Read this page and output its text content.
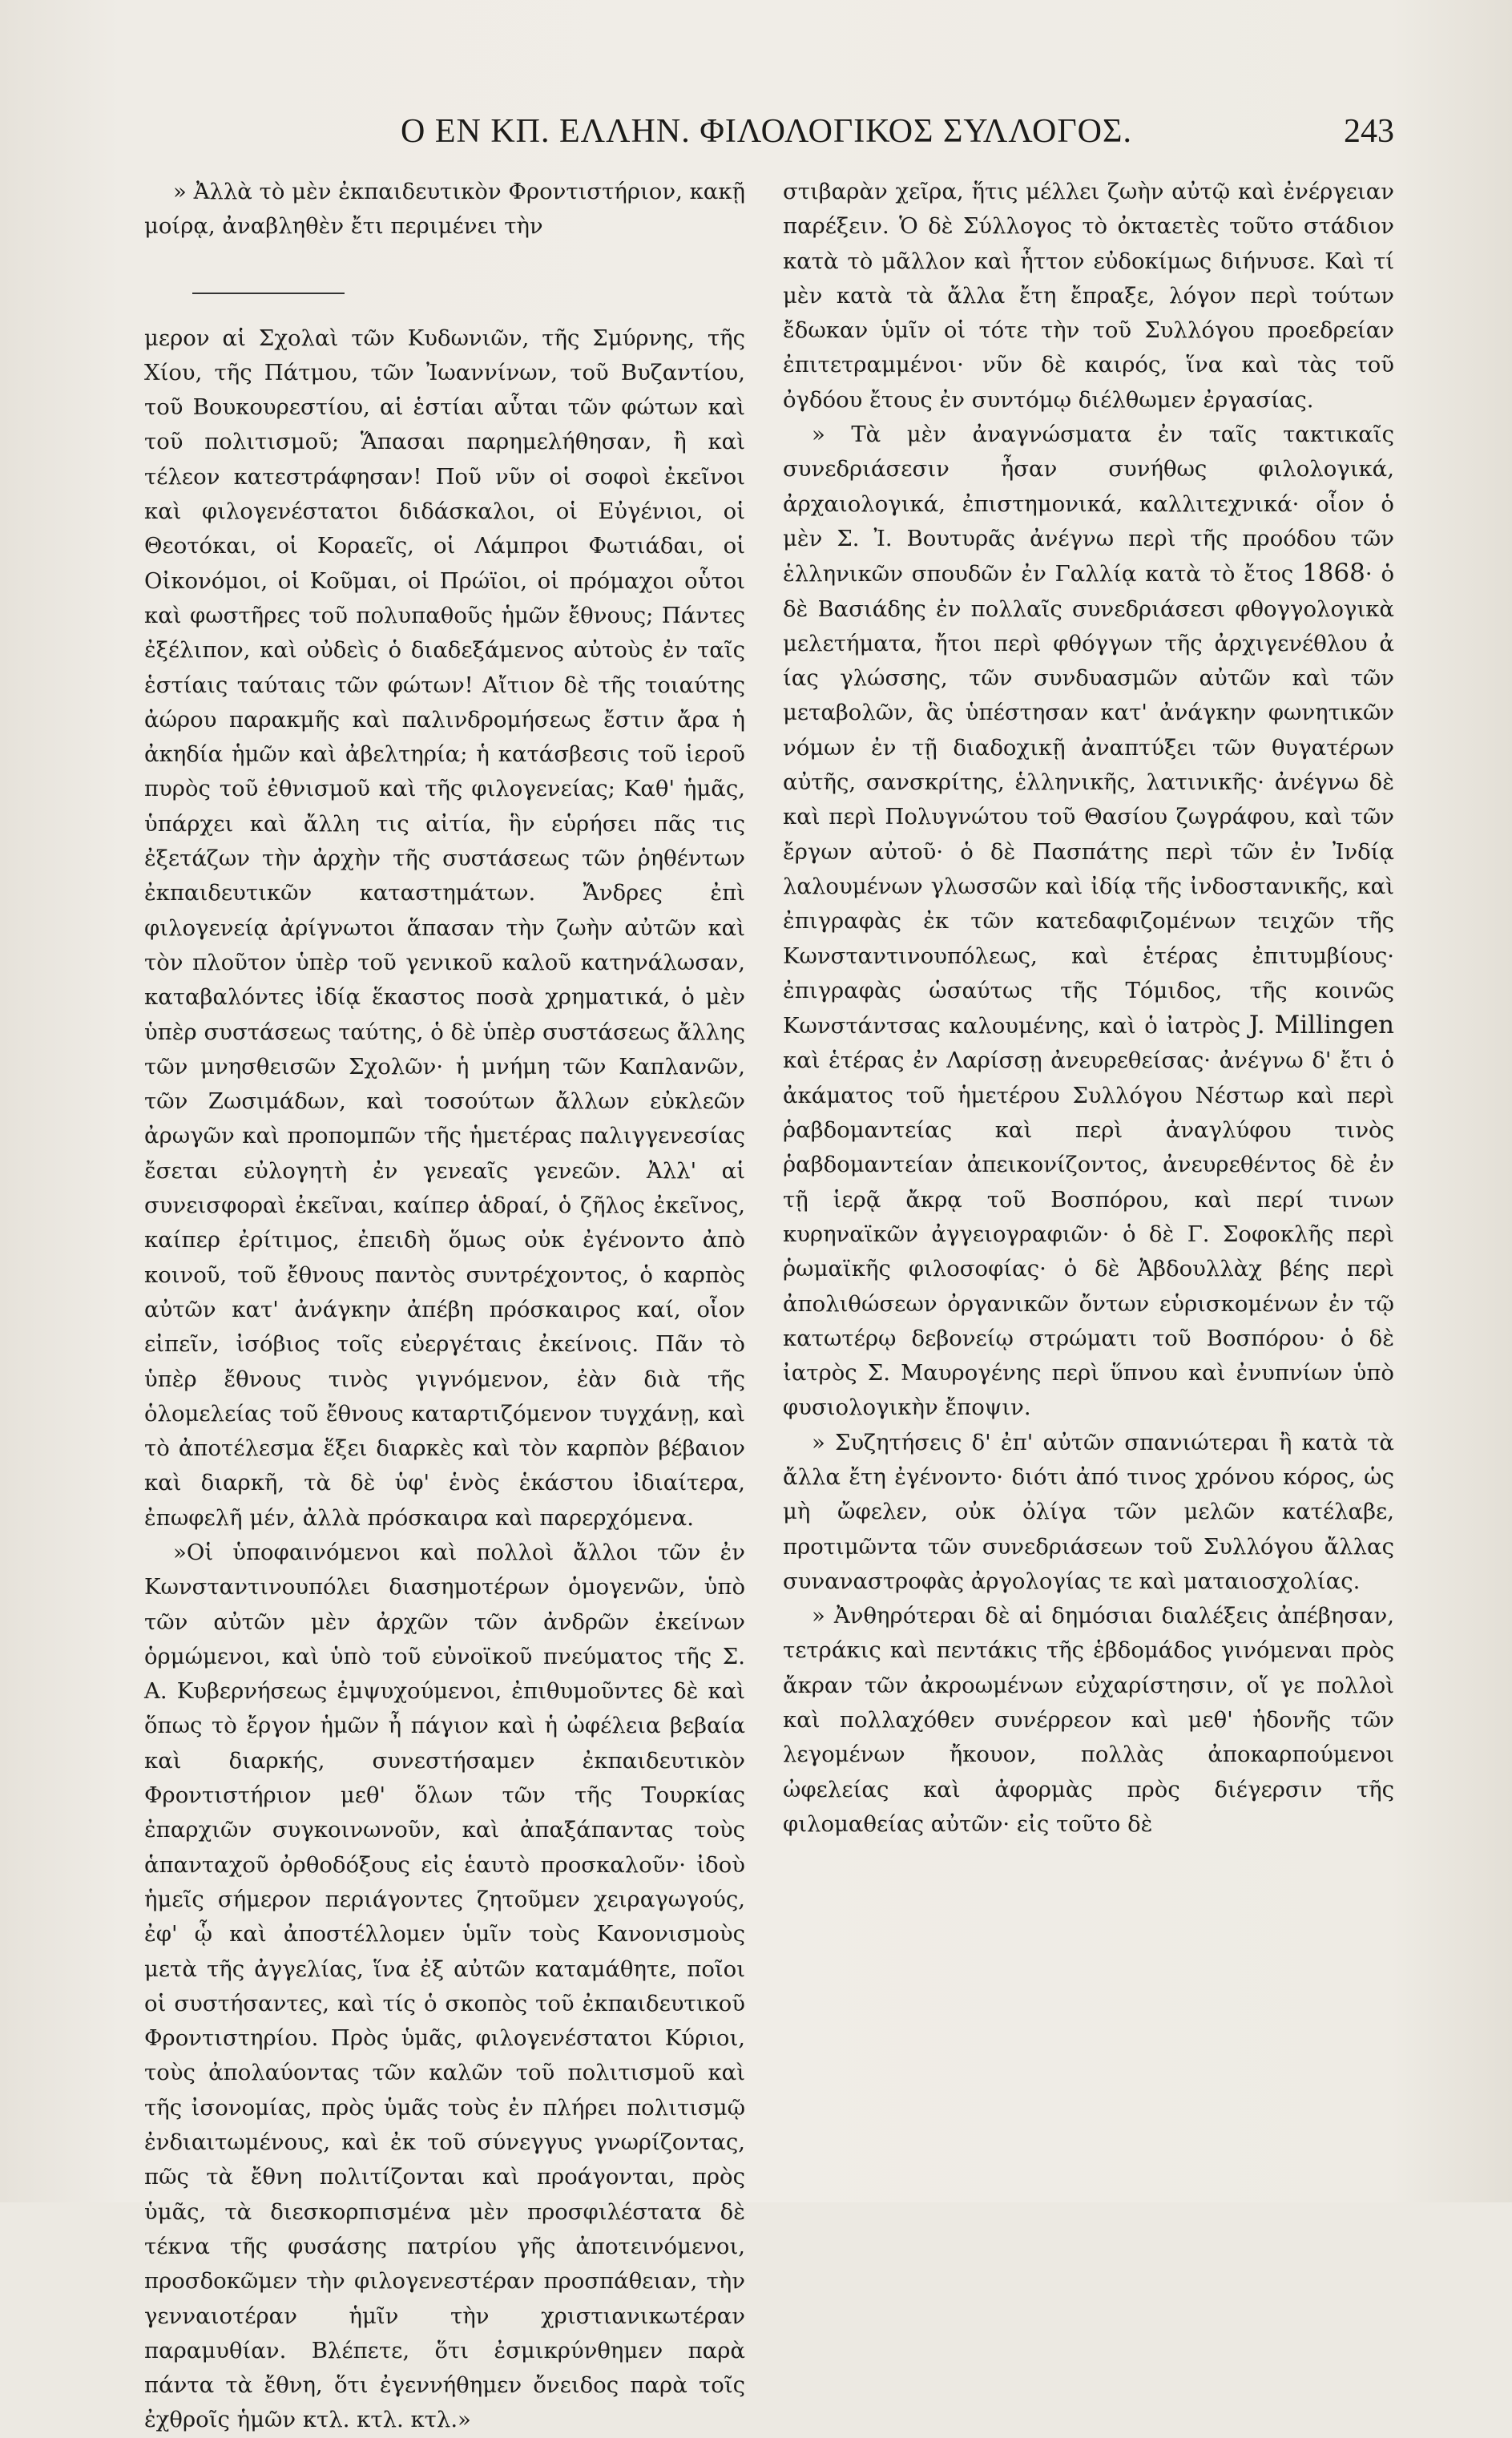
Ο ΕΝ ΚΠ. ΕΛΛΗΝ. ΦΙΛΟΛΟΓΙΚΟΣ ΣΥΛΛΟΓΟΣ.	243

» Ἀλλὰ τὸ μὲν ἐκπαιδευτικὸν Φροντιστήριον, κακῇ μοίρᾳ, ἀναβληθὲν ἔτι περιμένει τὴν

μερον αἱ Σχολαὶ τῶν Κυδωνιῶν, τῆς Σμύρνης, τῆς Χίου, τῆς Πάτμου, τῶν Ἰωαννίνων, τοῦ Βυζαντίου, τοῦ Βουκουρεστίου, αἱ ἑστίαι αὗται τῶν φώτων καὶ τοῦ πολιτισμοῦ; Ἅπασαι παρημελήθησαν, ἢ καὶ τέλεον κατεστράφησαν! Ποῦ νῦν οἱ σοφοὶ ἐκεῖνοι καὶ φιλογενέστατοι διδάσκαλοι, οἱ Εὐγένιοι, οἱ Θεοτόκαι, οἱ Κοραεῖς, οἱ Λάμπροι Φωτιάδαι, οἱ Οἰκονόμοι, οἱ Κοῦμαι, οἱ Πρώϊοι, οἱ πρόμαχοι οὗτοι καὶ φωστῆρες τοῦ πολυπαθοῦς ἡμῶν ἔθνους; Πάντες ἐξέλιπον, καὶ οὐδεὶς ὁ διαδεξάμενος αὐτοὺς ἐν ταῖς ἑστίαις ταύταις τῶν φώτων! Αἴτιον δὲ τῆς τοιαύτης ἀώρου παρακμῆς καὶ παλινδρομήσεως ἔστιν ἄρα ἡ ἀκηδία ἡμῶν καὶ ἀβελτηρία; ἡ κατάσβεσις τοῦ ἱεροῦ πυρὸς τοῦ ἐθνισμοῦ καὶ τῆς φιλογενείας; Καθ' ἡμᾶς, ὑπάρχει καὶ ἄλλη τις αἰτία, ἣν εὑρήσει πᾶς τις ἐξετάζων τὴν ἀρχὴν τῆς συστάσεως τῶν ῥηθέντων ἐκπαιδευτικῶν καταστημάτων. Ἄνδρες ἐπὶ φιλογενείᾳ ἀρίγνωτοι ἅπασαν τὴν ζωὴν αὐτῶν καὶ τὸν πλοῦτον ὑπὲρ τοῦ γενικοῦ καλοῦ κατηνάλωσαν, καταβαλόντες ἰδίᾳ ἕκαστος ποσὰ χρηματικά, ὁ μὲν ὑπὲρ συστάσεως ταύτης, ὁ δὲ ὑπὲρ συστάσεως ἄλλης τῶν μνησθεισῶν Σχολῶν· ἡ μνήμη τῶν Καπλανῶν, τῶν Ζωσιμάδων, καὶ τοσούτων ἄλλων εὐκλεῶν ἀρωγῶν καὶ προπομπῶν τῆς ἡμετέρας παλιγγενεσίας ἔσεται εὐλογητὴ ἐν γενεαῖς γενεῶν. Ἀλλ' αἱ συνεισφοραὶ ἐκεῖναι, καίπερ ἁδραί, ὁ ζῆλος ἐκεῖνος, καίπερ ἐρίτιμος, ἐπειδὴ ὅμως οὐκ ἐγένοντο ἀπὸ κοινοῦ, τοῦ ἔθνους παντὸς συντρέχοντος, ὁ καρπὸς αὐτῶν κατ' ἀνάγκην ἀπέβη πρόσκαιρος καί, οἷον εἰπεῖν, ἰσόβιος τοῖς εὐεργέταις ἐκείνοις. Πᾶν τὸ ὑπὲρ ἔθνους τινὸς γιγνόμενον, ἐὰν διὰ τῆς ὁλομελείας τοῦ ἔθνους καταρτιζόμενον τυγχάνῃ, καὶ τὸ ἀποτέλεσμα ἕξει διαρκὲς καὶ τὸν καρπὸν βέβαιον καὶ διαρκῆ, τὰ δὲ ὑφ' ἑνὸς ἑκάστου ἰδιαίτερα, ἐπωφελῆ μέν, ἀλλὰ πρόσκαιρα καὶ παρερχόμενα.

»Οἱ ὑποφαινόμενοι καὶ πολλοὶ ἄλλοι τῶν ἐν Κωνσταντινουπόλει διασημοτέρων ὁμογενῶν, ὑπὸ τῶν αὐτῶν μὲν ἀρχῶν τῶν ἀνδρῶν ἐκείνων ὁρμώμενοι, καὶ ὑπὸ τοῦ εὐνοϊκοῦ πνεύματος τῆς Σ. Α. Κυβερνήσεως ἐμψυχούμενοι, ἐπιθυμοῦντες δὲ καὶ ὅπως τὸ ἔργον ἡμῶν ἦ πάγιον καὶ ἡ ὠφέλεια βεβαία καὶ διαρκής, συνεστήσαμεν ἐκπαιδευτικὸν Φροντιστήριον μεθ' ὅλων τῶν τῆς Τουρκίας ἐπαρχιῶν συγκοινωνοῦν, καὶ ἀπαξάπαντας τοὺς ἁπανταχοῦ ὀρθοδόξους εἰς ἑαυτὸ προσκαλοῦν· ἰδοὺ ἡμεῖς σήμερον περιάγοντες ζητοῦμεν χειραγωγούς, ἐφ' ᾧ καὶ ἀποστέλλομεν ὑμῖν τοὺς Κανονισμοὺς μετὰ τῆς ἀγγελίας, ἵνα ἐξ αὐτῶν καταμάθητε, ποῖοι οἱ συστήσαντες, καὶ τίς ὁ σκοπὸς τοῦ ἐκπαιδευτικοῦ Φροντιστηρίου. Πρὸς ὑμᾶς, φιλογενέστατοι Κύριοι, τοὺς ἀπολαύοντας τῶν καλῶν τοῦ πολιτισμοῦ καὶ τῆς ἰσονομίας, πρὸς ὑμᾶς τοὺς ἐν πλήρει πολιτισμῷ ἐνδιαιτωμένους, καὶ ἐκ τοῦ σύνεγγυς γνωρίζοντας, πῶς τὰ ἔθνη πολιτίζονται καὶ προάγονται, πρὸς ὑμᾶς, τὰ διεσκορπισμένα μὲν προσφιλέστατα δὲ τέκνα τῆς φυσάσης πατρίου γῆς ἀποτεινόμενοι, προσδοκῶμεν τὴν φιλογενεστέραν προσπάθειαν, τὴν γενναιοτέραν ἡμῖν τὴν χριστιανικωτέραν παραμυθίαν. Βλέπετε, ὅτι ἐσμικρύνθημεν παρὰ πάντα τὰ ἔθνη, ὅτι ἐγεννήθημεν ὄνειδος παρὰ τοῖς ἐχθροῖς ἡμῶν κτλ. κτλ. κτλ.»

στιβαρὰν χεῖρα, ἥτις μέλλει ζωὴν αὐτῷ καὶ ἐνέργειαν παρέξειν. Ὁ δὲ Σύλλογος τὸ ὀκταετὲς τοῦτο στάδιον κατὰ τὸ μᾶλλον καὶ ἧττον εὐδοκίμως διήνυσε. Καὶ τί μὲν κατὰ τὰ ἄλλα ἔτη ἔπραξε, λόγον περὶ τούτων ἔδωκαν ὑμῖν οἱ τότε τὴν τοῦ Συλλόγου προεδρείαν ἐπιτετραμμένοι· νῦν δὲ καιρός, ἵνα καὶ τὰς τοῦ ὀγδόου ἔτους ἐν συντόμῳ διέλθωμεν ἐργασίας.

» Τὰ μὲν ἀναγνώσματα ἐν ταῖς τακτικαῖς συνεδριάσεσιν ἦσαν συνήθως φιλολογικά, ἀρχαιολογικά, ἐπιστημονικά, καλλιτεχνικά· οἷον ὁ μὲν Σ. Ἰ. Βουτυρᾶς ἀνέγνω περὶ τῆς προόδου τῶν ἑλληνικῶν σπουδῶν ἐν Γαλλίᾳ κατὰ τὸ ἔτος 1868· ὁ δὲ Βασιάδης ἐν πολλαῖς συνεδριάσεσι φθογγολογικὰ μελετήματα, ἤτοι περὶ φθόγγων τῆς ἀρχιγενέθλου ἀ ίας γλώσσης, τῶν συνδυασμῶν αὐτῶν καὶ τῶν μεταβολῶν, ἃς ὑπέστησαν κατ' ἀνάγκην φωνητικῶν νόμων ἐν τῇ διαδοχικῇ ἀναπτύξει τῶν θυγατέρων αὐτῆς, σανσκρίτης, ἑλληνικῆς, λατινικῆς· ἀνέγνω δὲ καὶ περὶ Πολυγνώτου τοῦ Θασίου ζωγράφου, καὶ τῶν ἔργων αὐτοῦ· ὁ δὲ Πασπάτης περὶ τῶν ἐν Ἰνδίᾳ λαλουμένων γλωσσῶν καὶ ἰδίᾳ τῆς ἰνδοστανικῆς, καὶ ἐπιγραφὰς ἐκ τῶν κατεδαφιζομένων τειχῶν τῆς Κωνσταντινουπόλεως, καὶ ἑτέρας ἐπιτυμβίους· ἐπιγραφὰς ὡσαύτως τῆς Τόμιδος, τῆς κοινῶς Κωνστάντσας καλουμένης, καὶ ὁ ἰατρὸς J. Millingen καὶ ἑτέρας ἐν Λαρίσσῃ ἀνευρεθείσας· ἀνέγνω δ' ἔτι ὁ ἀκάματος τοῦ ἡμετέρου Συλλόγου Νέστωρ καὶ περὶ ῥαβδομαντείας καὶ περὶ ἀναγλύφου τινὸς ῥαβδομαντείαν ἀπεικονίζοντος, ἀνευρεθέντος δὲ ἐν τῇ ἱερᾷ ἄκρᾳ τοῦ Βοσπόρου, καὶ περί τινων κυρηναϊκῶν ἀγγειογραφιῶν· ὁ δὲ Γ. Σοφοκλῆς περὶ ῥωμαϊκῆς φιλοσοφίας· ὁ δὲ Ἀβδουλλὰχ βέης περὶ ἀπολιθώσεων ὀργανικῶν ὄντων εὑρισκομένων ἐν τῷ κατωτέρῳ δεβονείῳ στρώματι τοῦ Βοσπόρου· ὁ δὲ ἰατρὸς Σ. Μαυρογένης περὶ ὕπνου καὶ ἐνυπνίων ὑπὸ φυσιολογικὴν ἔποψιν.

» Συζητήσεις δ' ἐπ' αὐτῶν σπανιώτεραι ἢ κατὰ τὰ ἄλλα ἔτη ἐγένοντο· διότι ἀπό τινος χρόνου κόρος, ὡς μὴ ὤφελεν, οὐκ ὀλίγα τῶν μελῶν κατέλαβε, προτιμῶντα τῶν συνεδριάσεων τοῦ Συλλόγου ἄλλας συναναστροφὰς ἀργολογίας τε καὶ ματαιοσχολίας.

» Ἀνθηρότεραι δὲ αἱ δημόσιαι διαλέξεις ἀπέβησαν, τετράκις καὶ πεντάκις τῆς ἑβδομάδος γινόμεναι πρὸς ἄκραν τῶν ἀκροωμένων εὐχαρίστησιν, οἵ γε πολλοὶ καὶ πολλαχόθεν συνέρρεον καὶ μεθ' ἡδονῆς τῶν λεγομένων ἤκουον, πολλὰς ἀποκαρπούμενοι ὠφελείας καὶ ἀφορμὰς πρὸς διέγερσιν τῆς φιλομαθείας αὐτῶν· εἰς τοῦτο δὲ
